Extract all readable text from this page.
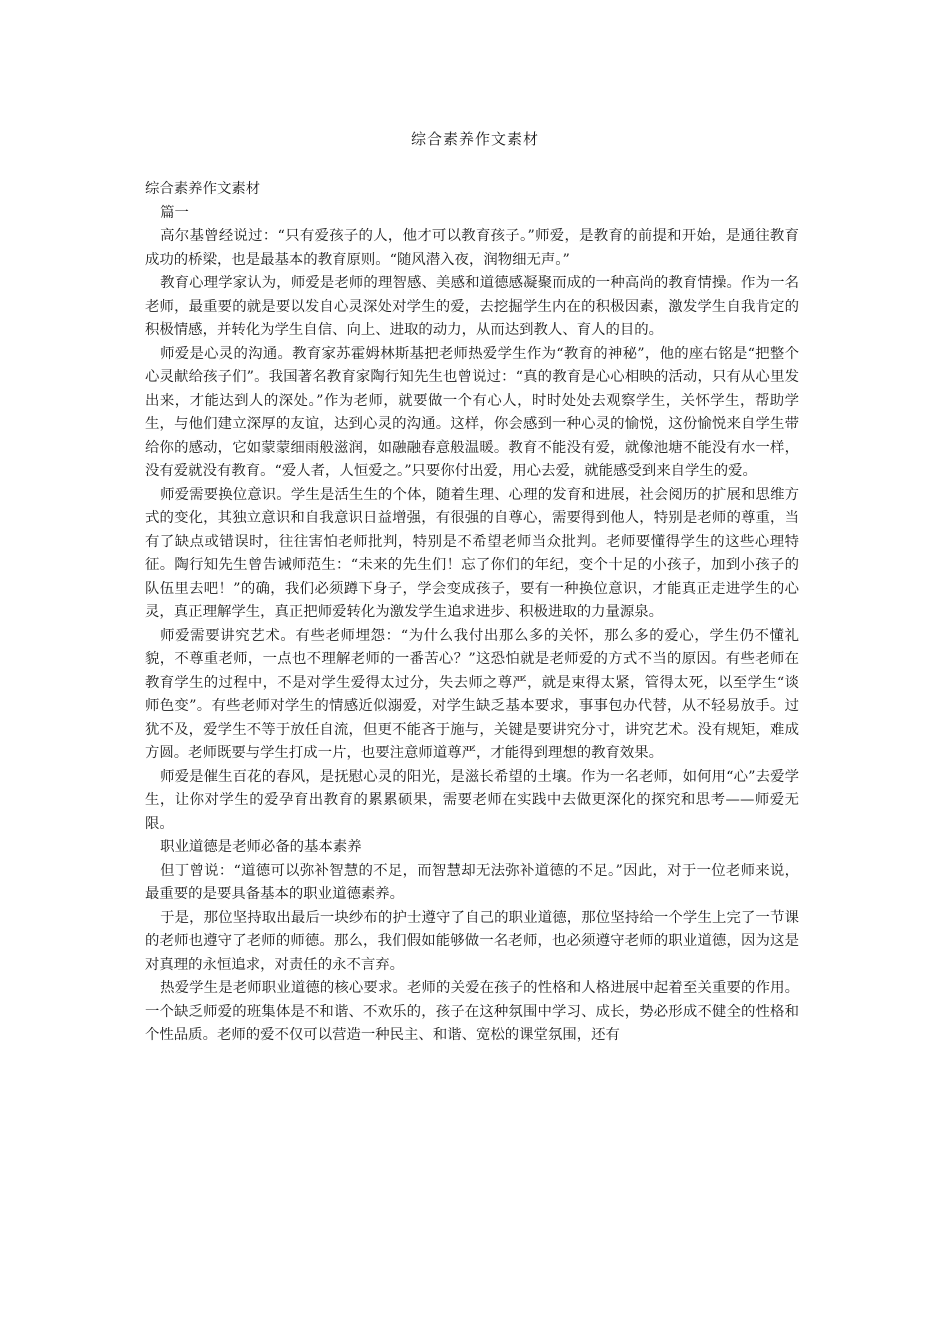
综合素养作文素材

综合素养作文素材

篇一

高尔基曾经说过：“只有爱孩子的人，他才可以教育孩子。”师爱，是教育的前提和开始，是通往教育成功的桥梁，也是最基本的教育原则。“随风潜入夜，润物细无声。”

教育心理学家认为，师爱是老师的理智感、美感和道德感凝聚而成的一种高尚的教育情操。作为一名老师，最重要的就是要以发自心灵深处对学生的爱，去挖掘学生内在的积极因素，激发学生自我肯定的积极情感，并转化为学生自信、向上、进取的动力，从而达到教人、育人的目的。

师爱是心灵的沟通。教育家苏霍姆林斯基把老师热爱学生作为“教育的神秘”，他的座右铭是“把整个心灵献给孩子们”。我国著名教育家陶行知先生也曾说过：“真的教育是心心相映的活动，只有从心里发出来，才能达到人的深处。”作为老师，就要做一个有心人，时时处处去观察学生，关怀学生，帮助学生，与他们建立深厚的友谊，达到心灵的沟通。这样，你会感到一种心灵的愉悦，这份愉悦来自学生带给你的感动，它如蒙蒙细雨般滋润，如融融春意般温暖。教育不能没有爱，就像池塘不能没有水一样，没有爱就没有教育。“爱人者，人恒爱之。”只要你付出爱，用心去爱，就能感受到来自学生的爱。

师爱需要换位意识。学生是活生生的个体，随着生理、心理的发育和进展，社会阅历的扩展和思维方式的变化，其独立意识和自我意识日益增强，有很强的自尊心，需要得到他人，特别是老师的尊重，当有了缺点或错误时，往往害怕老师批判，特别是不希望老师当众批判。老师要懂得学生的这些心理特征。陶行知先生曾告诫师范生：“未来的先生们！忘了你们的年纪，变个十足的小孩子，加到小孩子的队伍里去吧！”的确，我们必须蹲下身子，学会变成孩子，要有一种换位意识，才能真正走进学生的心灵，真正理解学生，真正把师爱转化为激发学生追求进步、积极进取的力量源泉。

师爱需要讲究艺术。有些老师埋怨：“为什么我付出那么多的关怀，那么多的爱心，学生仍不懂礼貌，不尊重老师，一点也不理解老师的一番苦心？”这恐怕就是老师爱的方式不当的原因。有些老师在教育学生的过程中，不是对学生爱得太过分，失去师之尊严，就是束得太紧，管得太死，以至学生“谈师色变”。有些老师对学生的情感近似溺爱，对学生缺乏基本要求，事事包办代替，从不轻易放手。过犹不及，爱学生不等于放任自流，但更不能吝于施与，关键是要讲究分寸，讲究艺术。没有规矩，难成方圆。老师既要与学生打成一片，也要注意师道尊严，才能得到理想的教育效果。

师爱是催生百花的春风，是抚慰心灵的阳光，是滋长希望的土壤。作为一名老师，如何用“心”去爱学生，让你对学生的爱孕育出教育的累累硕果，需要老师在实践中去做更深化的探究和思考——师爱无限。

职业道德是老师必备的基本素养

但丁曾说：“道德可以弥补智慧的不足，而智慧却无法弥补道德的不足。”因此，对于一位老师来说，最重要的是要具备基本的职业道德素养。

于是，那位坚持取出最后一块纱布的护士遵守了自己的职业道德，那位坚持给一个学生上完了一节课的老师也遵守了老师的师德。那么，我们假如能够做一名老师，也必须遵守老师的职业道德，因为这是对真理的永恒追求，对责任的永不言弃。

热爱学生是老师职业道德的核心要求。老师的关爱在孩子的性格和人格进展中起着至关重要的作用。一个缺乏师爱的班集体是不和谐、不欢乐的，孩子在这种氛围中学习、成长，势必形成不健全的性格和个性品质。老师的爱不仅可以营造一种民主、和谐、宽松的课堂氛围，还有
